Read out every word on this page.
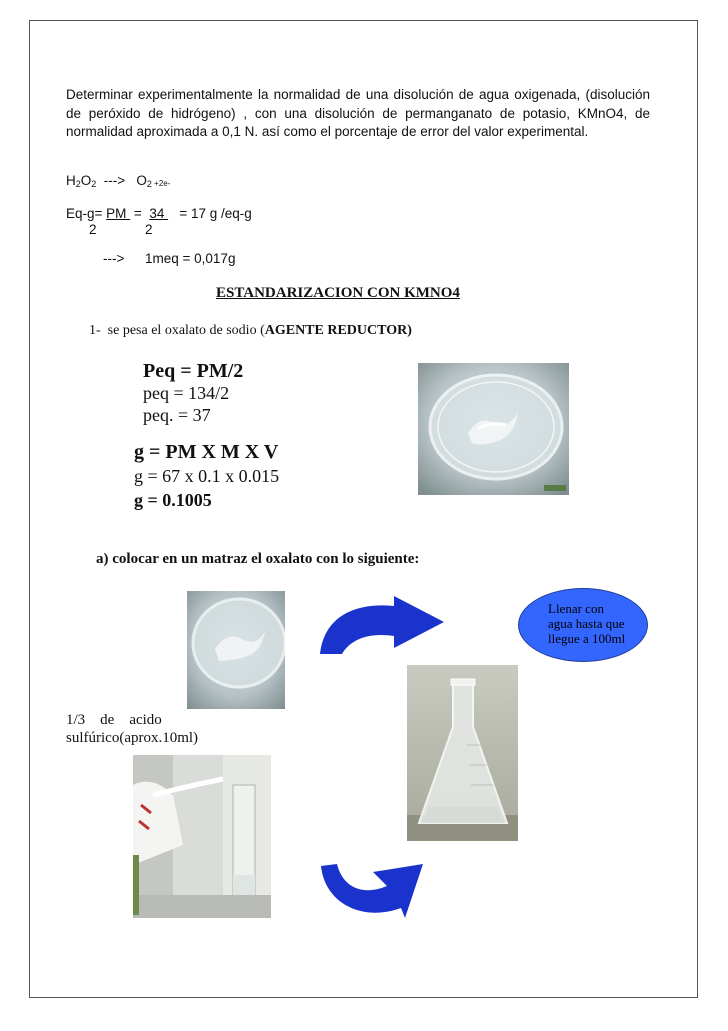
Determinar experimentalmente la normalidad de una disolución de agua oxigenada, (disolución de peróxido de hidrógeno) , con una disolución de permanganato de potasio, KMnO4, de normalidad aproximada a 0,1 N. así como el porcentaje de error del valor experimental.
$H_2O_2$  --->   $O_2 +2e-$
Eq-g= PM  =  34    = 17 g /eq-g
2	2
---> 1meq = 0,017g
ESTANDARIZACION CON KMNO4
1- se pesa el oxalato de sodio (AGENTE REDUCTOR)
Peq = PM/2
peq = 134/2
peq. = 37
g = PM X M X V
g = 67 x 0.1 x 0.015
g = 0.1005
a) colocar en un matraz el oxalato con lo siguiente:
Llenar con
agua hasta que
llegue a 100ml
1/3    de    acido
sulfúrico(aprox.10ml)
